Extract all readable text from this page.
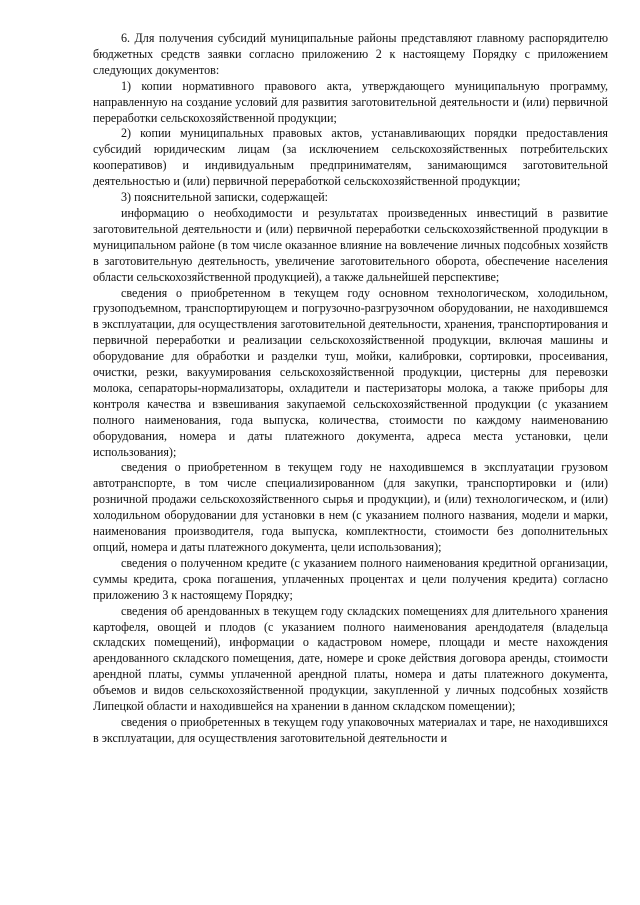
6. Для получения субсидий муниципальные районы представляют главному распорядителю бюджетных средств заявки согласно приложению 2 к настоящему Порядку с приложением следующих документов:

1) копии нормативного правового акта, утверждающего муниципальную программу, направленную на создание условий для развития заготовительной деятельности и (или) первичной переработки сельскохозяйственной продукции;

2) копии муниципальных правовых актов, устанавливающих порядки предоставления субсидий юридическим лицам (за исключением сельскохозяйственных потребительских кооперативов) и индивидуальным предпринимателям, занимающимся заготовительной деятельностью и (или) первичной переработкой сельскохозяйственной продукции;

3) пояснительной записки, содержащей:

информацию о необходимости и результатах произведенных инвестиций в развитие заготовительной деятельности и (или) первичной переработки сельскохозяйственной продукции в муниципальном районе (в том числе оказанное влияние на вовлечение личных подсобных хозяйств в заготовительную деятельность, увеличение заготовительного оборота, обеспечение населения области сельскохозяйственной продукцией), а также дальнейшей перспективе;

сведения о приобретенном в текущем году основном технологическом, холодильном, грузоподъемном, транспортирующем и погрузочно-разгрузочном оборудовании, не находившемся в эксплуатации, для осуществления заготовительной деятельности, хранения, транспортирования и первичной переработки и реализации сельскохозяйственной продукции, включая машины и оборудование для обработки и разделки туш, мойки, калибровки, сортировки, просеивания, очистки, резки, вакуумирования сельскохозяйственной продукции, цистерны для перевозки молока, сепараторы-нормализаторы, охладители и пастеризаторы молока, а также приборы для контроля качества и взвешивания закупаемой сельскохозяйственной продукции (с указанием полного наименования, года выпуска, количества, стоимости по каждому наименованию оборудования, номера и даты платежного документа, адреса места установки, цели использования);

сведения о приобретенном в текущем году не находившемся в эксплуатации грузовом автотранспорте, в том числе специализированном (для закупки, транспортировки и (или) розничной продажи сельскохозяйственного сырья и продукции), и (или) технологическом, и (или) холодильном оборудовании для установки в нем (с указанием полного названия, модели и марки, наименования производителя, года выпуска, комплектности, стоимости без дополнительных опций, номера и даты платежного документа, цели использования);

сведения о полученном кредите (с указанием полного наименования кредитной организации, суммы кредита, срока погашения, уплаченных процентах и цели получения кредита) согласно приложению 3 к настоящему Порядку;

сведения об арендованных в текущем году складских помещениях для длительного хранения картофеля, овощей и плодов (с указанием полного наименования арендодателя (владельца складских помещений), информации о кадастровом номере, площади и месте нахождения арендованного складского помещения, дате, номере и сроке действия договора аренды, стоимости арендной платы, суммы уплаченной арендной платы, номера и даты платежного документа, объемов и видов сельскохозяйственной продукции, закупленной у личных подсобных хозяйств Липецкой области и находившейся на хранении в данном складском помещении);

сведения о приобретенных в текущем году упаковочных материалах и таре, не находившихся в эксплуатации, для осуществления заготовительной деятельности и
